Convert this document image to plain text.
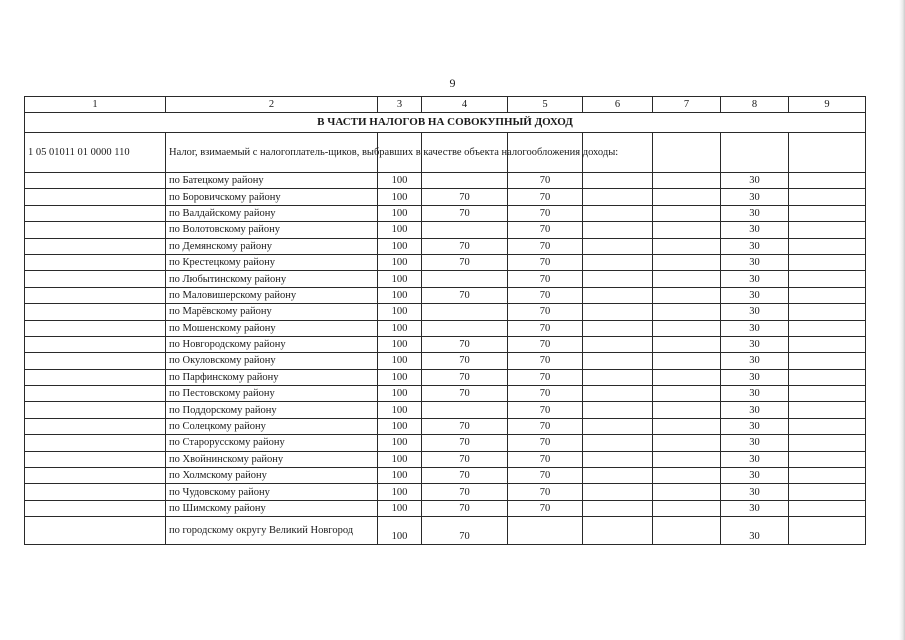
9
1	2	3	4	5	6	7	8	9
В ЧАСТИ НАЛОГОВ НА СОВОКУПНЫЙ ДОХОД								
1 05 01011 01 0000 110	Налог, взимаемый с налогоплатель-щиков, выбравших в качестве объекта налогообложения доходы:							
	по Батецкому району	100		70			30	
	по Боровичскому району	100	70	70			30	
	по Валдайскому району	100	70	70			30	
	по Волотовскому району	100		70			30	
	по Демянскому району	100	70	70			30	
	по Крестецкому району	100	70	70			30	
	по Любытинскому району	100		70			30	
	по Маловишерскому району	100	70	70			30	
	по Марёвскому району	100		70			30	
	по Мошенскому району	100		70			30	
	по Новгородскому району	100	70	70			30	
	по Окуловскому району	100	70	70			30	
	по Парфинскому району	100	70	70			30	
	по Пестовскому району	100	70	70			30	
	по Поддорскому району	100		70			30	
	по Солецкому району	100	70	70			30	
	по Старорусскому району	100	70	70			30	
	по Хвойнинскому району	100	70	70			30	
	по Холмскому району	100	70	70			30	
	по Чудовскому району	100	70	70			30	
	по Шимскому району	100	70	70			30	
	по городскому округу Великий Новгород	100	70				30	
